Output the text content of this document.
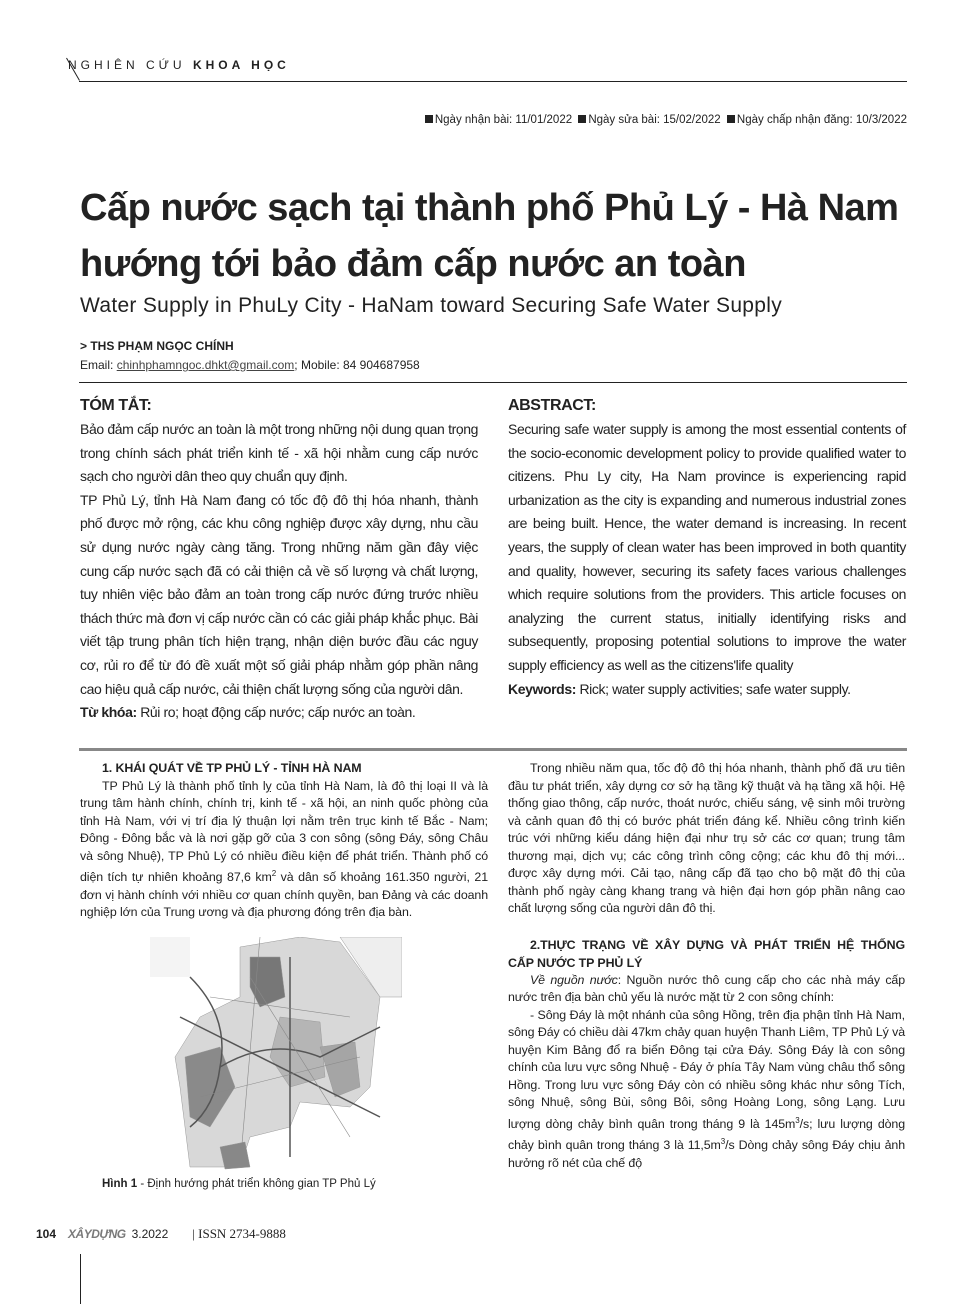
NGHIÊN CỨU KHOA HỌC
Ngày nhận bài: 11/01/2022 Ngày sửa bài: 15/02/2022 Ngày chấp nhận đăng: 10/3/2022
Cấp nước sạch tại thành phố Phủ Lý - Hà Nam hướng tới bảo đảm cấp nước an toàn
Water Supply in PhuLy City - HaNam toward Securing Safe Water Supply
> THS PHẠM NGỌC CHÍNH
Email: chinhphamngoc.dhkt@gmail.com; Mobile: 84 904687958
TÓM TẮT:

Bảo đảm cấp nước an toàn là một trong những nội dung quan trọng trong chính sách phát triển kinh tế - xã hội nhằm cung cấp nước sạch cho người dân theo quy chuẩn quy định.

TP Phủ Lý, tỉnh Hà Nam đang có tốc độ đô thị hóa nhanh, thành phố được mở rộng, các khu công nghiệp được xây dựng, nhu cầu sử dụng nước ngày càng tăng. Trong những năm gần đây việc cung cấp nước sạch đã có cải thiện cả về số lượng và chất lượng, tuy nhiên việc bảo đảm an toàn trong cấp nước đứng trước nhiều thách thức mà đơn vị cấp nước cần có các giải pháp khắc phục. Bài viết tập trung phân tích hiện trạng, nhận diện bước đầu các nguy cơ, rủi ro để từ đó đề xuất một số giải pháp nhằm góp phần nâng cao hiệu quả cấp nước, cải thiện chất lượng sống của người dân.

Từ khóa: Rủi ro; hoạt động cấp nước; cấp nước an toàn.

ABSTRACT:

Securing safe water supply is among the most essential contents of the socio-economic development policy to provide qualified water to citizens. Phu Ly city, Ha Nam province is experiencing rapid urbanization as the city is expanding and numerous industrial zones are being built. Hence, the water demand is increasing. In recent years, the supply of clean water has been improved in both quantity and quality, however, securing its safety faces various challenges which require solutions from the providers. This article focuses on analyzing the current status, initially identifying risks and subsequently, proposing potential solutions to improve the water supply efficiency as well as the citizens'life quality

Keywords: Rick; water supply activities; safe water supply.

1. KHÁI QUÁT VỀ TP PHỦ LÝ - TỈNH HÀ NAM

TP Phủ Lý là thành phố tỉnh lỵ của tỉnh Hà Nam, là đô thị loại II và là trung tâm hành chính, chính trị, kinh tế - xã hội, an ninh quốc phòng của tỉnh Hà Nam, với vị trí địa lý thuận lợi nằm trên trục kinh tế Bắc - Nam; Đông - Đông bắc và là nơi gặp gỡ của 3 con sông (sông Đáy, sông Châu và sông Nhuệ), TP Phủ Lý có nhiều điều kiện để phát triển. Thành phố có diện tích tự nhiên khoảng 87,6 $km^2$ và dân số khoảng 161.350 người, 21 đơn vị hành chính với nhiều cơ quan chính quyền, ban Đảng và các doanh nghiệp lớn của Trung ương và địa phương đóng trên địa bàn.

Hình 1 - Định hướng phát triển không gian TP Phủ Lý

Trong nhiều năm qua, tốc độ đô thị hóa nhanh, thành phố đã ưu tiên đầu tư phát triển, xây dựng cơ sở hạ tầng kỹ thuật và hạ tầng xã hội. Hệ thống giao thông, cấp nước, thoát nước, chiếu sáng, vệ sinh môi trường và cảnh quan đô thị có bước phát triển đáng kể. Nhiều công trình kiến trúc với những kiểu dáng hiện đại như trụ sở các cơ quan; trung tâm thương mại, dịch vụ; các công trình công cộng; các khu đô thị mới... được xây dựng mới. Cải tạo, nâng cấp đã tạo cho bộ mặt đô thị của thành phố ngày càng khang trang và hiện đại hơn góp phần nâng cao chất lượng sống của người dân đô thị.

2.THỰC TRẠNG VỀ XÂY DỰNG VÀ PHÁT TRIỂN HỆ THỐNG CẤP NƯỚC TP PHỦ LÝ

Về nguồn nước: Nguồn nước thô cung cấp cho các nhà máy cấp nước trên địa bàn chủ yếu là nước mặt từ 2 con sông chính:

- Sông Đáy là một nhánh của sông Hồng, trên địa phận tỉnh Hà Nam, sông Đáy có chiều dài 47km chảy quan huyện Thanh Liêm, TP Phủ Lý và huyện Kim Bảng đổ ra biển Đông tại cửa Đáy. Sông Đáy là con sông chính của lưu vực sông Nhuệ - Đáy ở phía Tây Nam vùng châu thổ sông Hồng. Trong lưu vực sông Đáy còn có nhiều sông khác như sông Tích, sông Nhuệ, sông Bùi, sông Bôi, sông Hoàng Long, sông Lạng. Lưu lượng dòng chảy bình quân trong tháng 9 là $145m^3/s$; lưu lượng dòng chảy bình quân trong tháng 3 là $11,5m^3/s$ Dòng chảy sông Đáy chịu ảnh hưởng rõ nét của chế độ

104 XÂYDỰNG 3.2022 | ISSN 2734-9888
